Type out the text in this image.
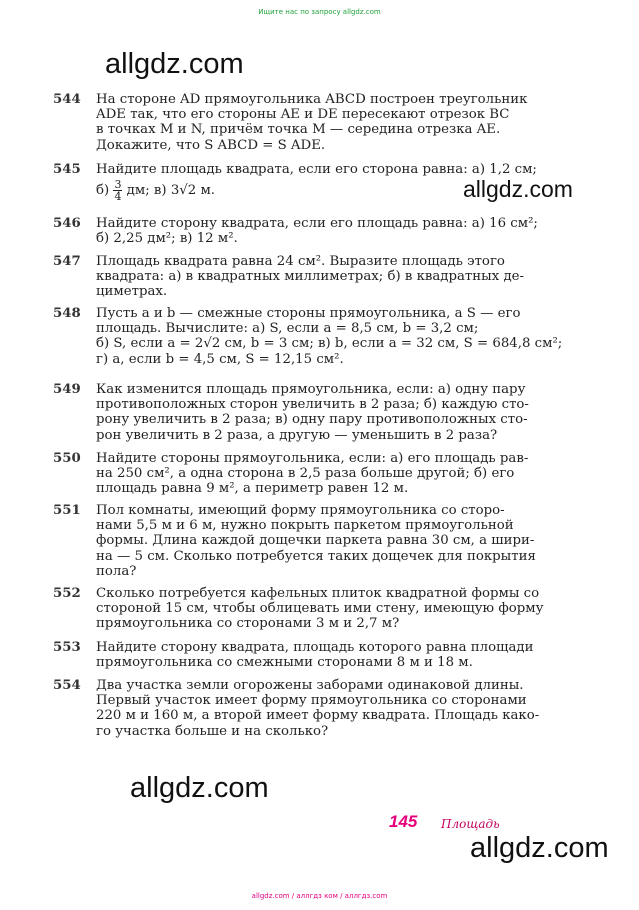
Ищите нас по запросу allgdz.com
allgdz.com
allgdz.com
allgdz.com
allgdz.com
544	На стороне AD прямоугольника ABCD построен треугольник
ADE так, что его стороны AE и DE пересекают отрезок BC
в точках M и N, причём точка M — середина отрезка AE.
Докажите, что S ABCD = S ADE.
545	Найдите площадь квадрата, если его сторона равна: а) 1,2 см;
$б) \frac{3}{4}$ дм; в) 3√2 м.
546	Найдите сторону квадрата, если его площадь равна: а) 16 см²;
б) 2,25 дм²; в) 12 м².
547	Площадь квадрата равна 24 см². Выразите площадь этого
квадрата: а) в квадратных миллиметрах; б) в квадратных де-
циметрах.
548	Пусть a и b — смежные стороны прямоугольника, а S — его
площадь. Вычислите: а) S, если a = 8,5 см, b = 3,2 см;
б) S, если a = 2√2 см, b = 3 см; в) b, если a = 32 см, S = 684,8 см²;
г) a, если b = 4,5 см, S = 12,15 см².
549	Как изменится площадь прямоугольника, если: а) одну пару
противоположных сторон увеличить в 2 раза; б) каждую сто-
рону увеличить в 2 раза; в) одну пару противоположных сто-
рон увеличить в 2 раза, а другую — уменьшить в 2 раза?
550	Найдите стороны прямоугольника, если: а) его площадь рав-
на 250 см², а одна сторона в 2,5 раза больше другой; б) его
площадь равна 9 м², а периметр равен 12 м.
551	Пол комнаты, имеющий форму прямоугольника со сторо-
нами 5,5 м и 6 м, нужно покрыть паркетом прямоугольной
формы. Длина каждой дощечки паркета равна 30 см, а шири-
на — 5 см. Сколько потребуется таких дощечек для покрытия
пола?
552	Сколько потребуется кафельных плиток квадратной формы со
стороной 15 см, чтобы облицевать ими стену, имеющую форму
прямоугольника со сторонами 3 м и 2,7 м?
553	Найдите сторону квадрата, площадь которого равна площади
прямоугольника со смежными сторонами 8 м и 18 м.
554	Два участка земли огорожены заборами одинаковой длины.
Первый участок имеет форму прямоугольника со сторонами
220 м и 160 м, а второй имеет форму квадрата. Площадь како-
го участка больше и на сколько?
145 Площадь
allgdz.com / аллгдз ком / аллгдз.com
